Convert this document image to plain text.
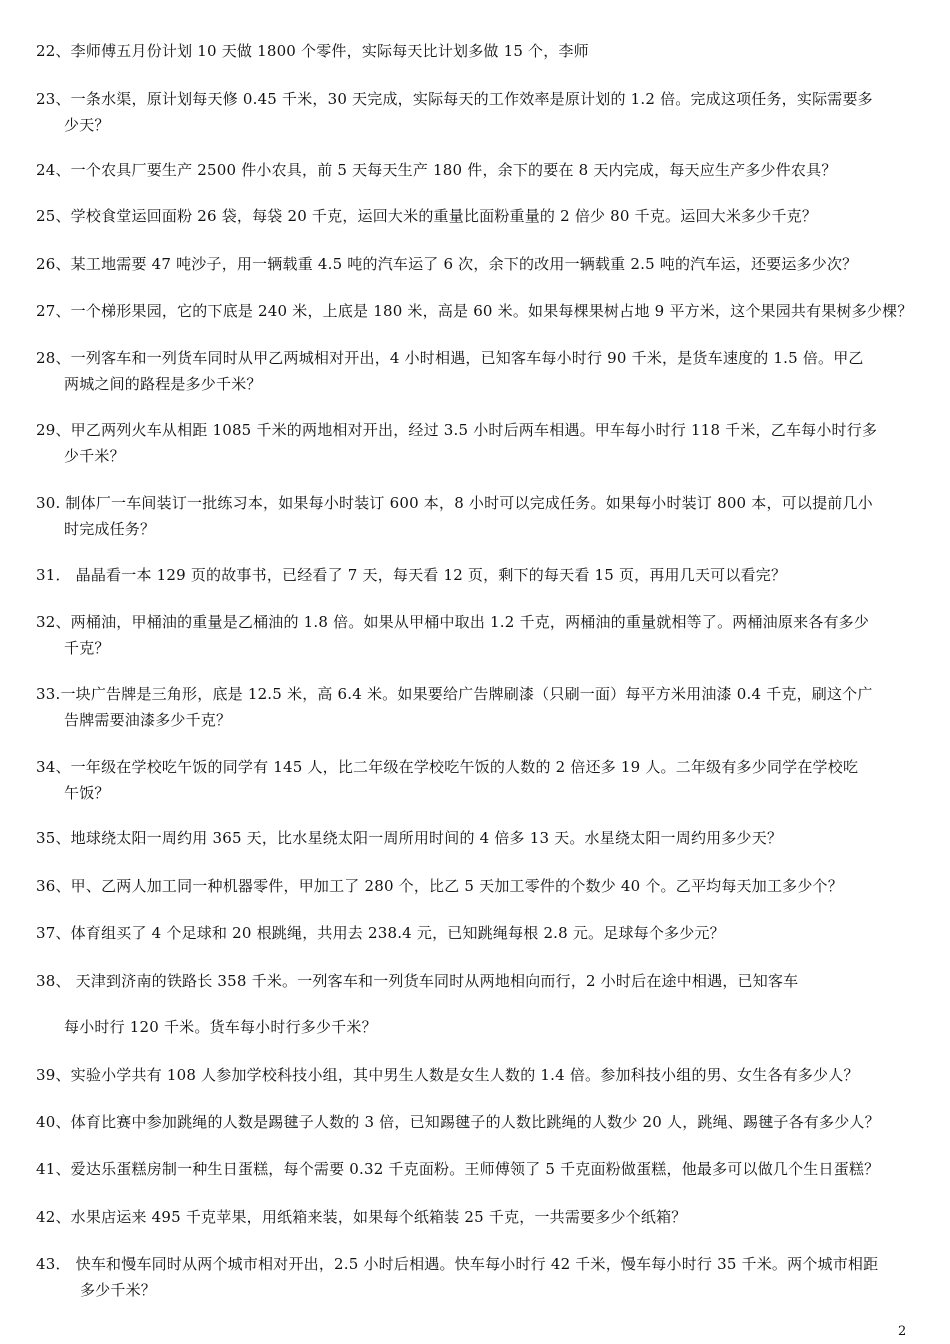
22、李师傅五月份计划 10 天做 1800 个零件，实际每天比计划多做 15 个，李师
23、一条水渠，原计划每天修 0.45 千米，30 天完成，实际每天的工作效率是原计划的 1.2 倍。完成这项任务，实际需要多
少天？
24、一个农具厂要生产 2500 件小农具，前 5 天每天生产 180 件，余下的要在 8 天内完成，每天应生产多少件农具？
25、学校食堂运回面粉 26 袋，每袋 20 千克，运回大米的重量比面粉重量的 2 倍少 80 千克。运回大米多少千克？
26、某工地需要 47 吨沙子，用一辆载重 4.5 吨的汽车运了 6 次，余下的改用一辆载重 2.5 吨的汽车运，还要运多少次？
27、一个梯形果园，它的下底是 240 米，上底是 180 米，高是 60 米。如果每棵果树占地 9 平方米，这个果园共有果树多少棵？
28、一列客车和一列货车同时从甲乙两城相对开出，4 小时相遇，已知客车每小时行 90 千米，是货车速度的 1.5 倍。甲乙
两城之间的路程是多少千米？
29、甲乙两列火车从相距 1085 千米的两地相对开出，经过 3.5 小时后两车相遇。甲车每小时行 118 千米，乙车每小时行多
少千米？
30. 制体厂一车间装订一批练习本，如果每小时装订 600 本，8 小时可以完成任务。如果每小时装订 800 本，可以提前几小
时完成任务？
31． 晶晶看一本 129 页的故事书，已经看了 7 天，每天看 12 页，剩下的每天看 15 页，再用几天可以看完？
32、两桶油，甲桶油的重量是乙桶油的 1.8 倍。如果从甲桶中取出 1.2 千克，两桶油的重量就相等了。两桶油原来各有多少
千克？
33.一块广告牌是三角形，底是 12.5 米，高 6.4 米。如果要给广告牌刷漆（只刷一面）每平方米用油漆 0.4 千克，刷这个广
告牌需要油漆多少千克？
34、一年级在学校吃午饭的同学有 145 人，比二年级在学校吃午饭的人数的 2 倍还多 19 人。二年级有多少同学在学校吃
午饭？
35、地球绕太阳一周约用 365 天，比水星绕太阳一周所用时间的 4 倍多 13 天。水星绕太阳一周约用多少天？
36、甲、乙两人加工同一种机器零件，甲加工了 280 个，比乙 5 天加工零件的个数少 40 个。乙平均每天加工多少个？
37、体育组买了 4 个足球和 20 根跳绳，共用去 238.4 元，已知跳绳每根 2.8 元。足球每个多少元？
38、 天津到济南的铁路长 358 千米。一列客车和一列货车同时从两地相向而行，2 小时后在途中相遇，已知客车
每小时行 120 千米。货车每小时行多少千米？
39、实验小学共有 108 人参加学校科技小组，其中男生人数是女生人数的 1.4 倍。参加科技小组的男、女生各有多少人？
40、体育比赛中参加跳绳的人数是踢毽子人数的 3 倍，已知踢毽子的人数比跳绳的人数少 20 人，跳绳、踢毽子各有多少人？
41、爱达乐蛋糕房制一种生日蛋糕，每个需要 0.32 千克面粉。王师傅领了 5 千克面粉做蛋糕，他最多可以做几个生日蛋糕？
42、水果店运来 495 千克苹果，用纸箱来装，如果每个纸箱装 25 千克，一共需要多少个纸箱？
43． 快车和慢车同时从两个城市相对开出，2.5 小时后相遇。快车每小时行 42 千米，慢车每小时行 35 千米。两个城市相距
多少千米？
2
